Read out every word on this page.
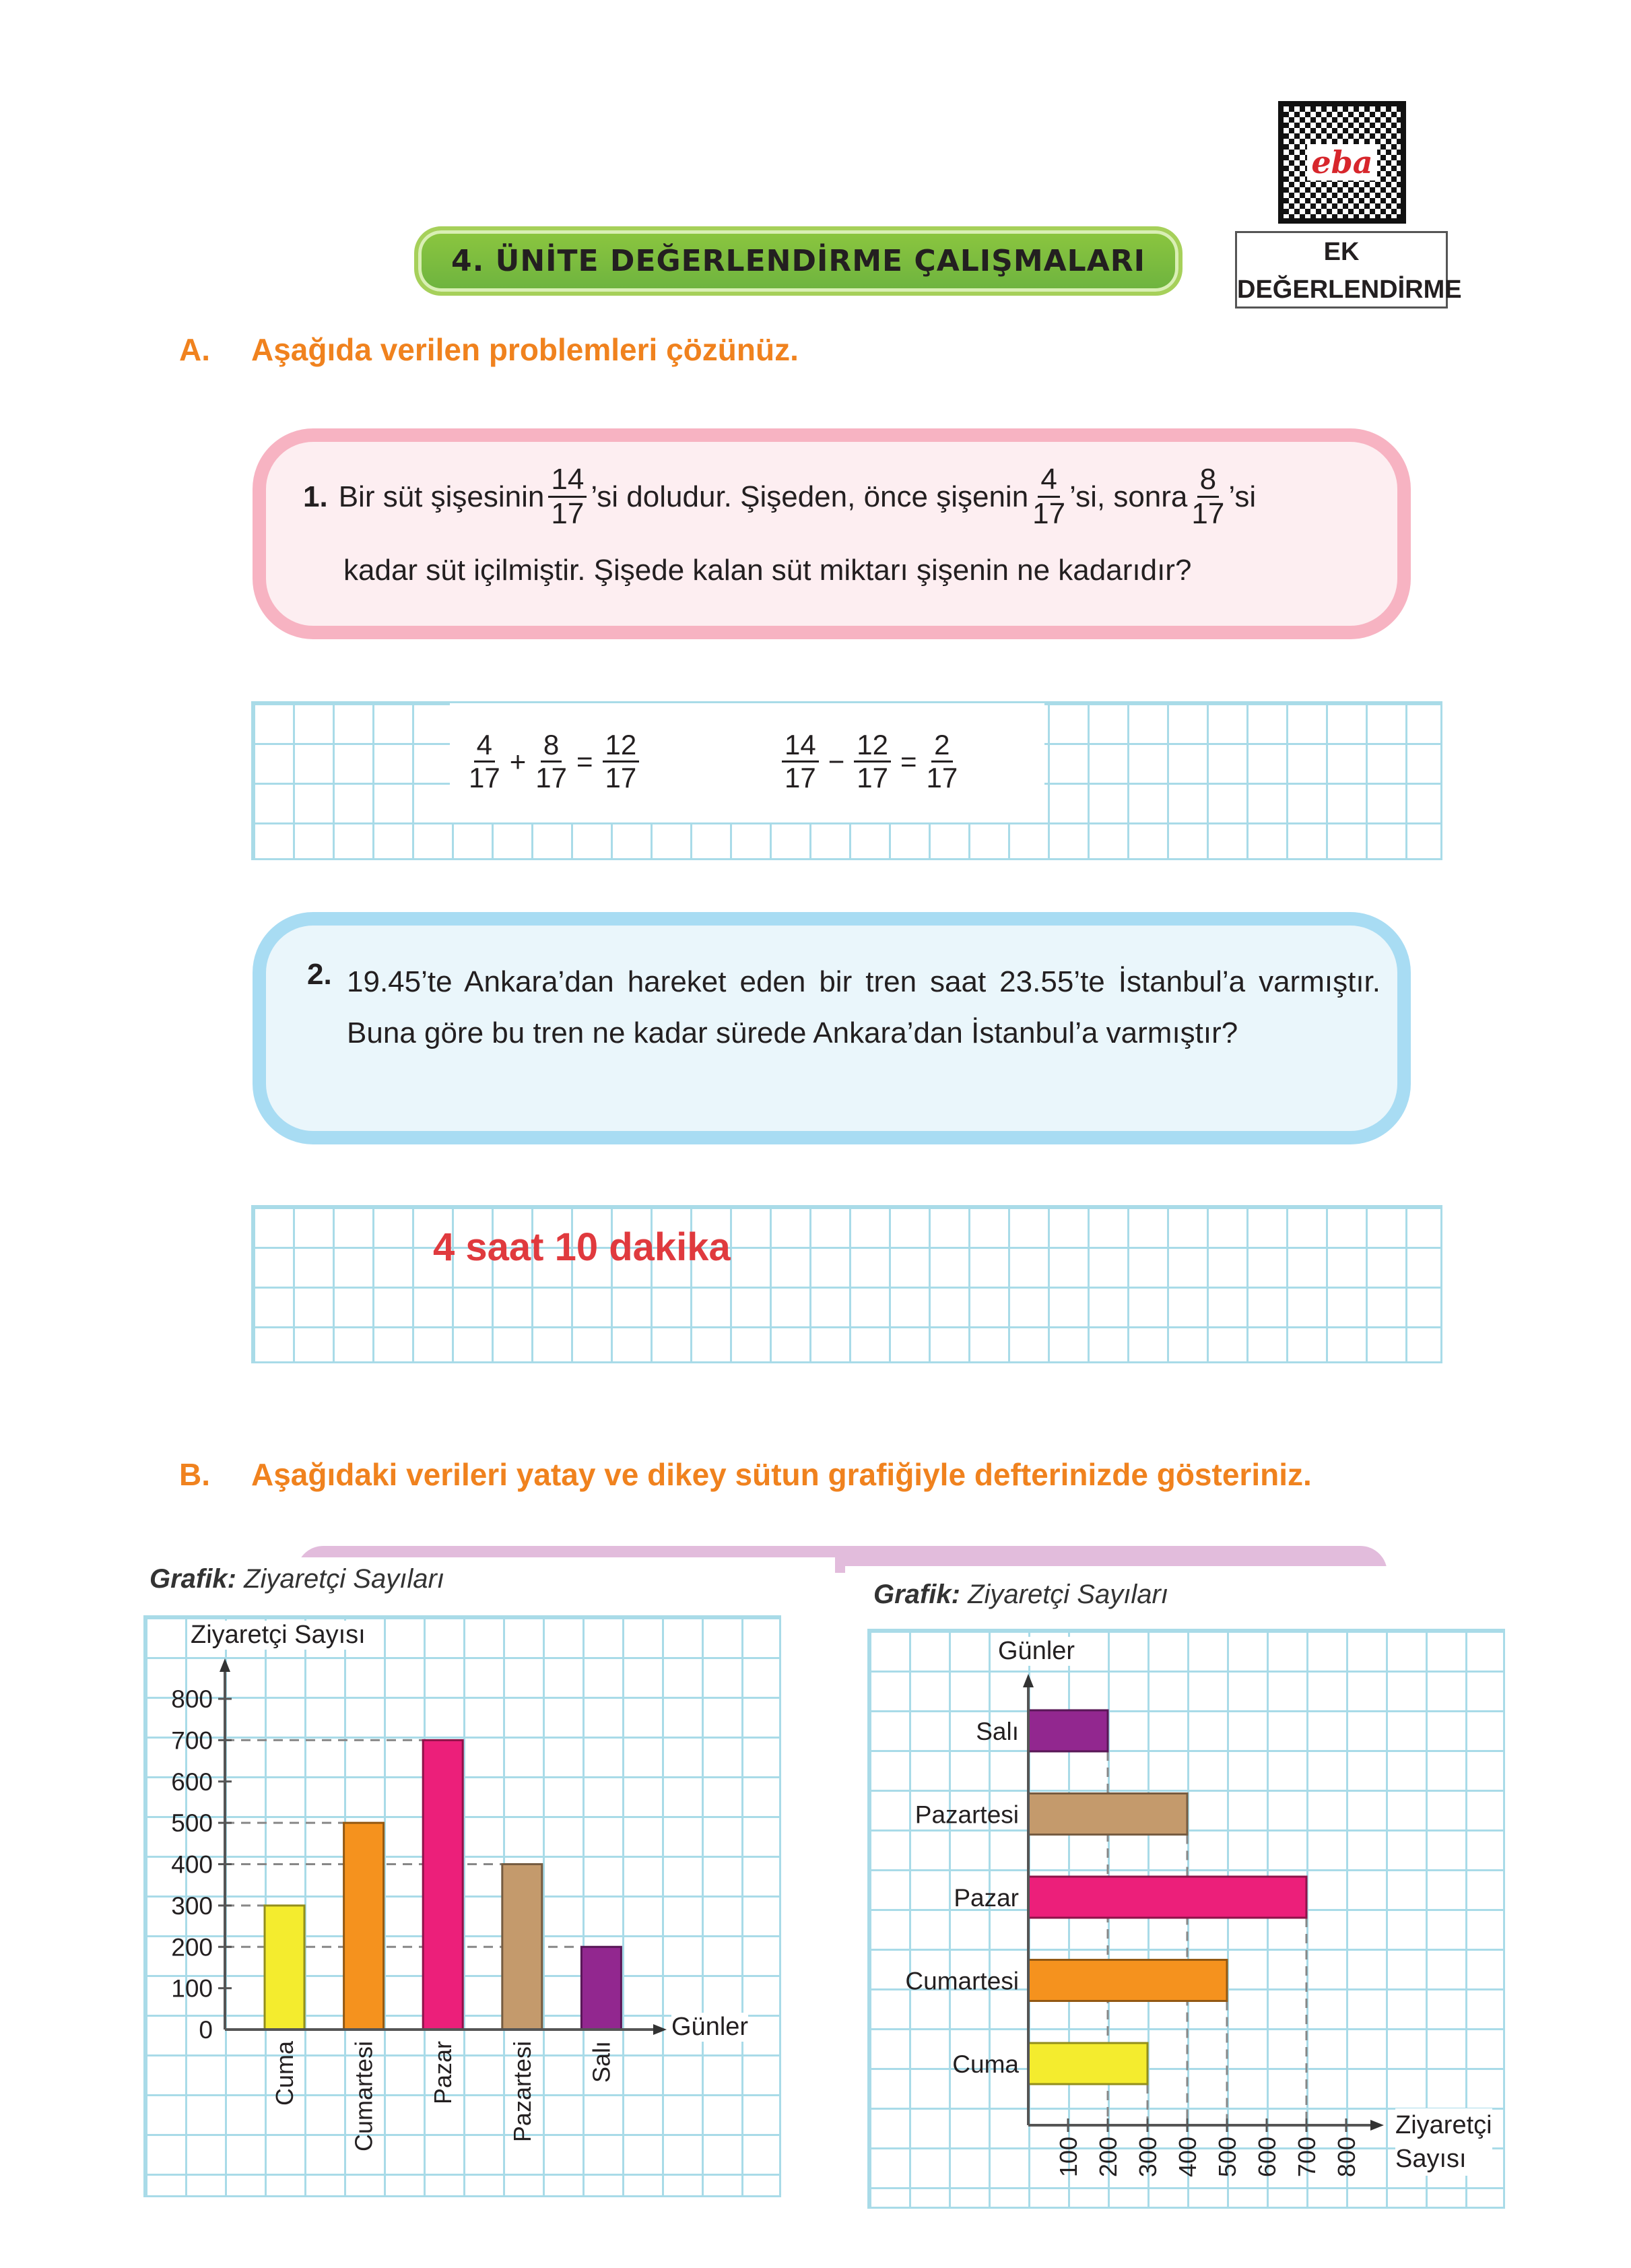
eba
EK
DEĞERLENDİRME
4. ÜNİTE DEĞERLENDİRME ÇALIŞMALARI
A. Aşağıda verilen problemleri çözünüz.
1. Bir süt şişesinin $\frac{14}{17}$ ’si doludur. Şişeden, önce şişenin $\frac{4}{17}$ ’si, sonra $\frac{8}{17}$ ’si
kadar süt içilmiştir. Şişede kalan süt miktarı şişenin ne kadarıdır?
$\frac{4}{17} + \frac{8}{17} = \frac{12}{17}$	$\frac{14}{17} - \frac{12}{17} = \frac{2}{17}$
2. 19.45’te Ankara’dan hareket eden bir tren saat 23.55’te İstanbul’a varmıştır. Buna göre bu tren ne kadar sürede Ankara’dan İstanbul’a varmıştır?
4 saat 10 dakika
B. Aşağıdaki verileri yatay ve dikey sütun grafiğiyle defterinizde gösteriniz.
Grafik: Ziyaretçi Sayıları
Grafik: Ziyaretçi Sayıları
Ziyaretçi Sayısı
Günler
Günler
Ziyaretçi
Sayısı
0
100
200
300
400
500
600
700
800
Cuma Cumartesi Pazar Pazartesi Salı
Salı
Pazartesi
Pazar
Cumartesi
Cuma
100 200 300 400 500 600 700 800
